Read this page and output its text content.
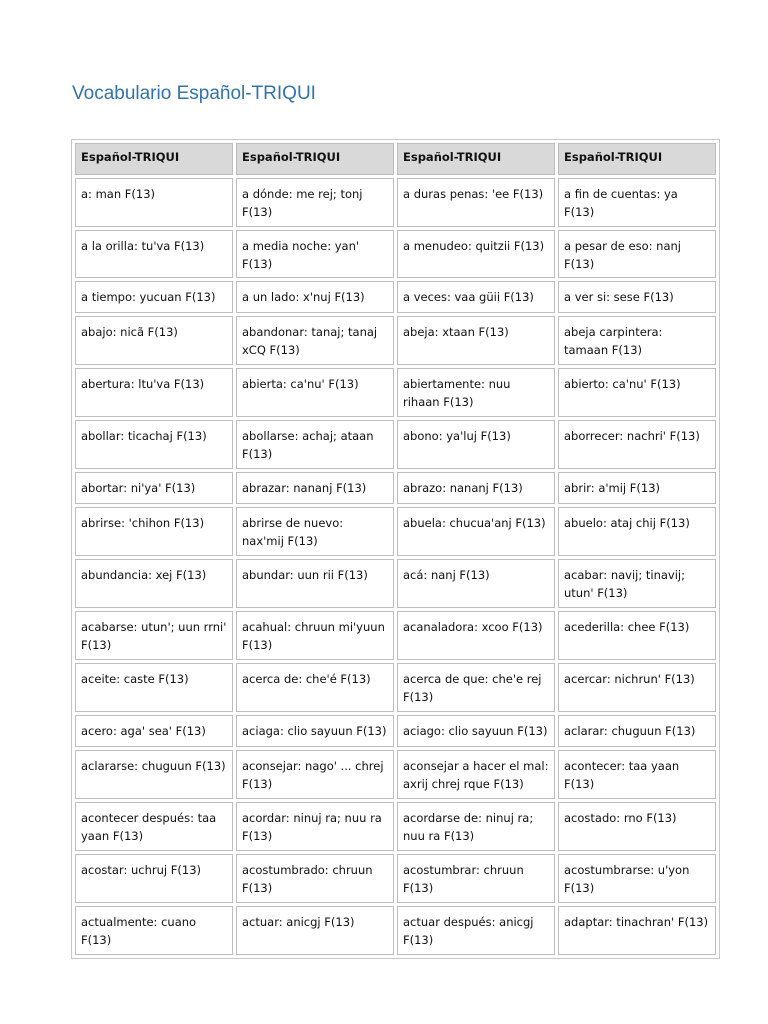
Vocabulario Español-TRIQUI
Español-TRIQUI	Español-TRIQUI	Español-TRIQUI	Español-TRIQUI
a: man F(13)	a dónde: me rej; tonj F(13)	a duras penas: 'ee F(13)	a fin de cuentas: ya F(13)
a la orilla: tu'va F(13)	a media noche: yan' F(13)	a menudeo: quitzii F(13)	a pesar de eso: nanj F(13)
a tiempo: yucuan F(13)	a un lado: x'nuj F(13)	a veces: vaa güii F(13)	a ver si: sese F(13)
abajo: nicã F(13)	abandonar: tanaj; tanaj xCQ F(13)	abeja: xtaan F(13)	abeja carpintera: tamaan F(13)
abertura: ltu'va F(13)	abierta: ca'nu' F(13)	abiertamente: nuu rihaan F(13)	abierto: ca'nu' F(13)
abollar: ticachaj F(13)	abollarse: achaj; ataan F(13)	abono: ya'luj F(13)	aborrecer: nachri' F(13)
abortar: ni'ya' F(13)	abrazar: nananj F(13)	abrazo: nananj F(13)	abrir: a'mij F(13)
abrirse: 'chihon F(13)	abrirse de nuevo: nax'mij F(13)	abuela: chucua'anj F(13)	abuelo: ataj chij F(13)
abundancia: xej F(13)	abundar: uun rii F(13)	acá: nanj F(13)	acabar: navij; tinavij; utun' F(13)
acabarse: utun'; uun rrni' F(13)	acahual: chruun mi'yuun F(13)	acanaladora: xcoo F(13)	acederilla: chee F(13)
aceite: caste F(13)	acerca de: che'é F(13)	acerca de que: che'e rej F(13)	acercar: nichrun' F(13)
acero: aga' sea' F(13)	aciaga: clio sayuun F(13)	aciago: clio sayuun F(13)	aclarar: chuguun F(13)
aclararse: chuguun F(13)	aconsejar: nago' ... chrej F(13)	aconsejar a hacer el mal: axrij chrej rque F(13)	acontecer: taa yaan F(13)
acontecer después: taa yaan F(13)	acordar: ninuj ra; nuu ra F(13)	acordarse de: ninuj ra; nuu ra F(13)	acostado: rno F(13)
acostar: uchruj F(13)	acostumbrado: chruun F(13)	acostumbrar: chruun F(13)	acostumbrarse: u'yon F(13)
actualmente: cuano F(13)	actuar: anicgj F(13)	actuar después: anicgj F(13)	adaptar: tinachran' F(13)
